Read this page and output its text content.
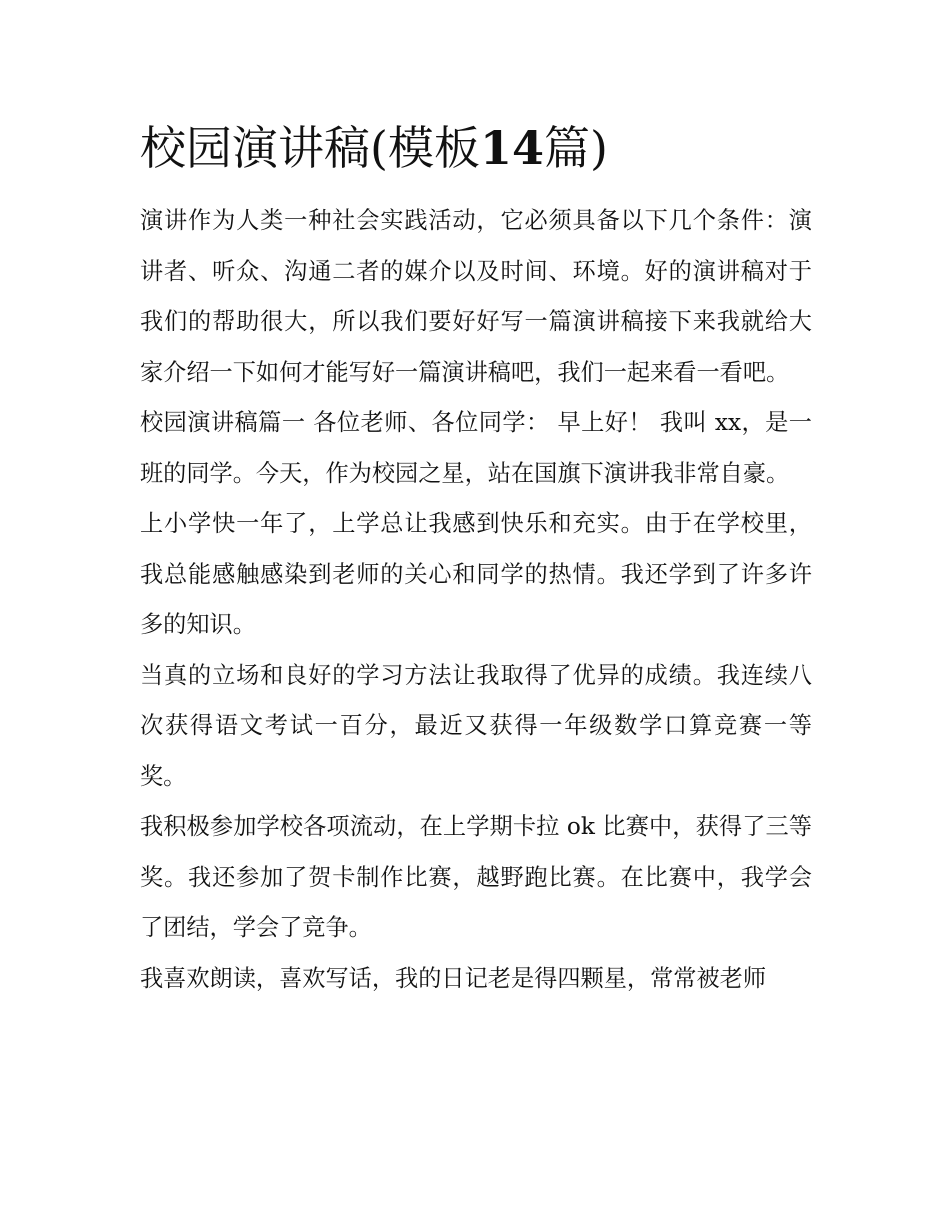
校园演讲稿(模板14篇)

演讲作为人类一种社会实践活动，它必须具备以下几个条件：演讲者、听众、沟通二者的媒介以及时间、环境。好的演讲稿对于我们的帮助很大，所以我们要好好写一篇演讲稿接下来我就给大家介绍一下如何才能写好一篇演讲稿吧，我们一起来看一看吧。

校园演讲稿篇一 各位老师、各位同学： 早上好！ 我叫 xx，是一班的同学。今天，作为校园之星，站在国旗下演讲我非常自豪。

上小学快一年了，上学总让我感到快乐和充实。由于在学校里，我总能感触感染到老师的关心和同学的热情。我还学到了许多许多的知识。

当真的立场和良好的学习方法让我取得了优异的成绩。我连续八次获得语文考试一百分，最近又获得一年级数学口算竞赛一等奖。

我积极参加学校各项流动，在上学期卡拉 ok 比赛中，获得了三等奖。我还参加了贺卡制作比赛，越野跑比赛。在比赛中，我学会了团结，学会了竞争。

我喜欢朗读，喜欢写话，我的日记老是得四颗星，常常被老师
